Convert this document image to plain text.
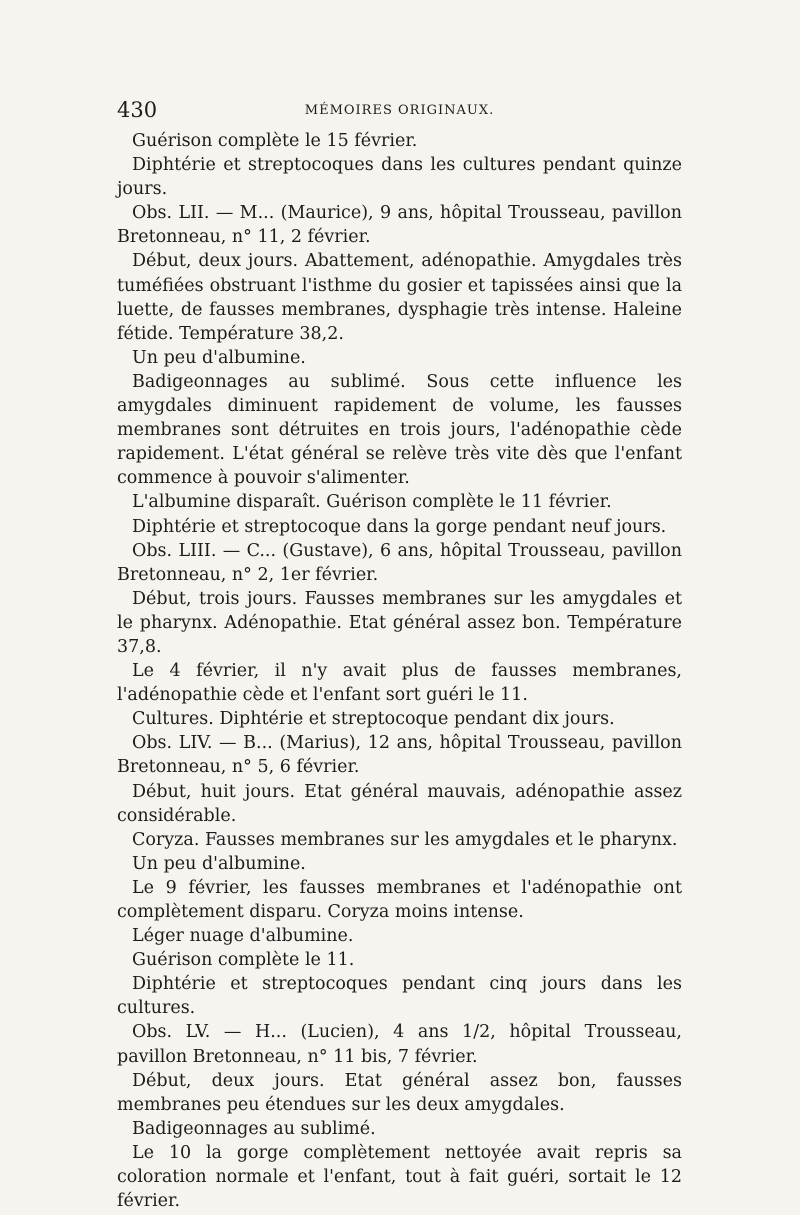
430	MÉMOIRES ORIGINAUX.

Guérison complète le 15 février.

Diphtérie et streptocoques dans les cultures pendant quinze jours.

Obs. LII. — M... (Maurice), 9 ans, hôpital Trousseau, pavillon Bretonneau, n° 11, 2 février.

Début, deux jours. Abattement, adénopathie. Amygdales très tuméfiées obstruant l'isthme du gosier et tapissées ainsi que la luette, de fausses membranes, dysphagie très intense. Haleine fétide. Température 38,2.

Un peu d'albumine.

Badigeonnages au sublimé. Sous cette influence les amygdales diminuent rapidement de volume, les fausses membranes sont détruites en trois jours, l'adénopathie cède rapidement. L'état général se relève très vite dès que l'enfant commence à pouvoir s'alimenter.

L'albumine disparaît. Guérison complète le 11 février.

Diphtérie et streptocoque dans la gorge pendant neuf jours.

Obs. LIII. — C... (Gustave), 6 ans, hôpital Trousseau, pavillon Bretonneau, n° 2, 1er février.

Début, trois jours. Fausses membranes sur les amygdales et le pharynx. Adénopathie. Etat général assez bon. Température 37,8.

Le 4 février, il n'y avait plus de fausses membranes, l'adénopathie cède et l'enfant sort guéri le 11.

Cultures. Diphtérie et streptocoque pendant dix jours.

Obs. LIV. — B... (Marius), 12 ans, hôpital Trousseau, pavillon Bretonneau, n° 5, 6 février.

Début, huit jours. Etat général mauvais, adénopathie assez considérable.

Coryza. Fausses membranes sur les amygdales et le pharynx.

Un peu d'albumine.

Le 9 février, les fausses membranes et l'adénopathie ont complètement disparu. Coryza moins intense.

Léger nuage d'albumine.

Guérison complète le 11.

Diphtérie et streptocoques pendant cinq jours dans les cultures.

Obs. LV. — H... (Lucien), 4 ans 1/2, hôpital Trousseau, pavillon Bretonneau, n° 11 bis, 7 février.

Début, deux jours. Etat général assez bon, fausses membranes peu étendues sur les deux amygdales.

Badigeonnages au sublimé.

Le 10 la gorge complètement nettoyée avait repris sa coloration normale et l'enfant, tout à fait guéri, sortait le 12 février.
